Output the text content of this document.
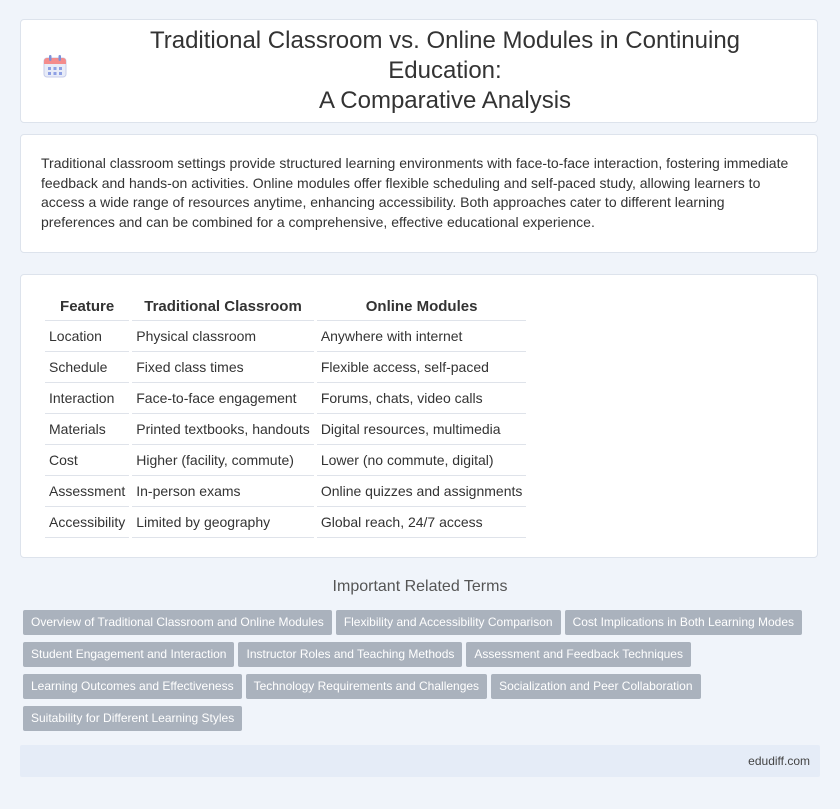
Traditional Classroom vs. Online Modules in Continuing Education:
A Comparative Analysis

Traditional classroom settings provide structured learning environments with face-to-face interaction, fostering immediate feedback and hands-on activities. Online modules offer flexible scheduling and self-paced study, allowing learners to access a wide range of resources anytime, enhancing accessibility. Both approaches cater to different learning preferences and can be combined for a comprehensive, effective educational experience.

Feature	Traditional Classroom	Online Modules
Location	Physical classroom	Anywhere with internet
Schedule	Fixed class times	Flexible access, self-paced
Interaction	Face-to-face engagement	Forums, chats, video calls
Materials	Printed textbooks, handouts	Digital resources, multimedia
Cost	Higher (facility, commute)	Lower (no commute, digital)
Assessment	In-person exams	Online quizzes and assignments
Accessibility	Limited by geography	Global reach, 24/7 access
Important Related Terms
Overview of Traditional Classroom and Online Modules Flexibility and Accessibility Comparison Cost Implications in Both Learning Modes
Student Engagement and Interaction Instructor Roles and Teaching Methods Assessment and Feedback Techniques
Learning Outcomes and Effectiveness Technology Requirements and Challenges Socialization and Peer Collaboration
Suitability for Different Learning Styles
edudiff.com
